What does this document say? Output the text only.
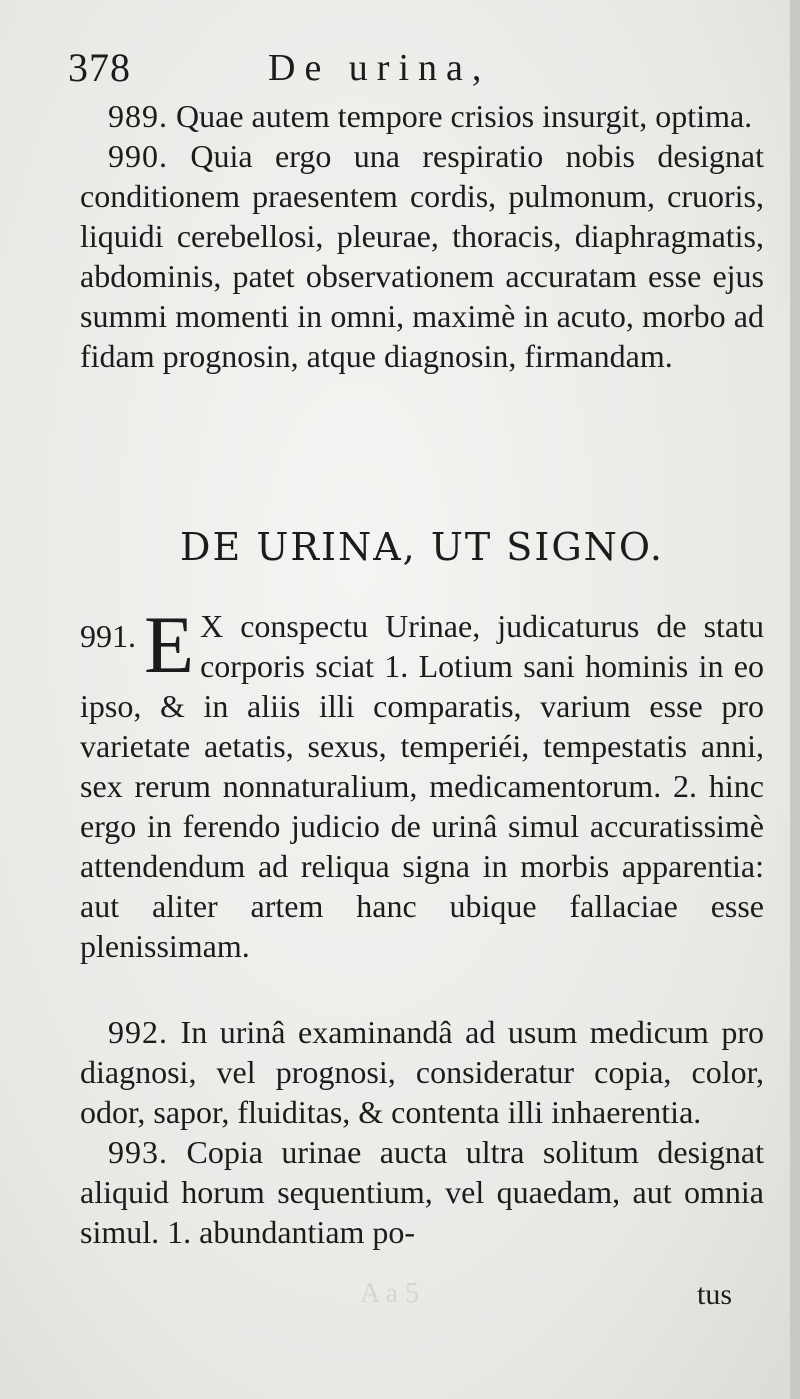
378	De urina,

989. Quae autem tempore crisios insurgit, optima.

990. Quia ergo una respiratio nobis designat conditionem praesentem cordis, pulmonum, cruoris, liquidi cerebellosi, pleurae, thoracis, diaphragmatis, abdominis, patet observationem accuratam esse ejus summi momenti in omni, maximè in acuto, morbo ad fidam prognosin, atque diagnosin, firmandam.

DE URINA, UT SIGNO.
991. E X conspectu Urinae, judicaturus de statu corporis sciat 1. Lotium sani hominis in eo ipso, & in aliis illi comparatis, varium esse pro varietate aetatis, sexus, temperiéi, tempestatis anni, sex rerum nonnaturalium, medicamentorum. 2. hinc ergo in ferendo judicio de urinâ simul accuratissimè attendendum ad reliqua signa in morbis apparentia: aut aliter artem hanc ubique fallaciae esse plenissimam.

992. In urinâ examinandâ ad usum medicum pro diagnosi, vel prognosi, consideratur copia, color, odor, sapor, fluiditas, & contenta illi inhaerentia.

993. Copia urinae aucta ultra solitum designat aliquid horum sequentium, vel quaedam, aut omnia simul. 1. abundantiam po-

A a 5	tus
